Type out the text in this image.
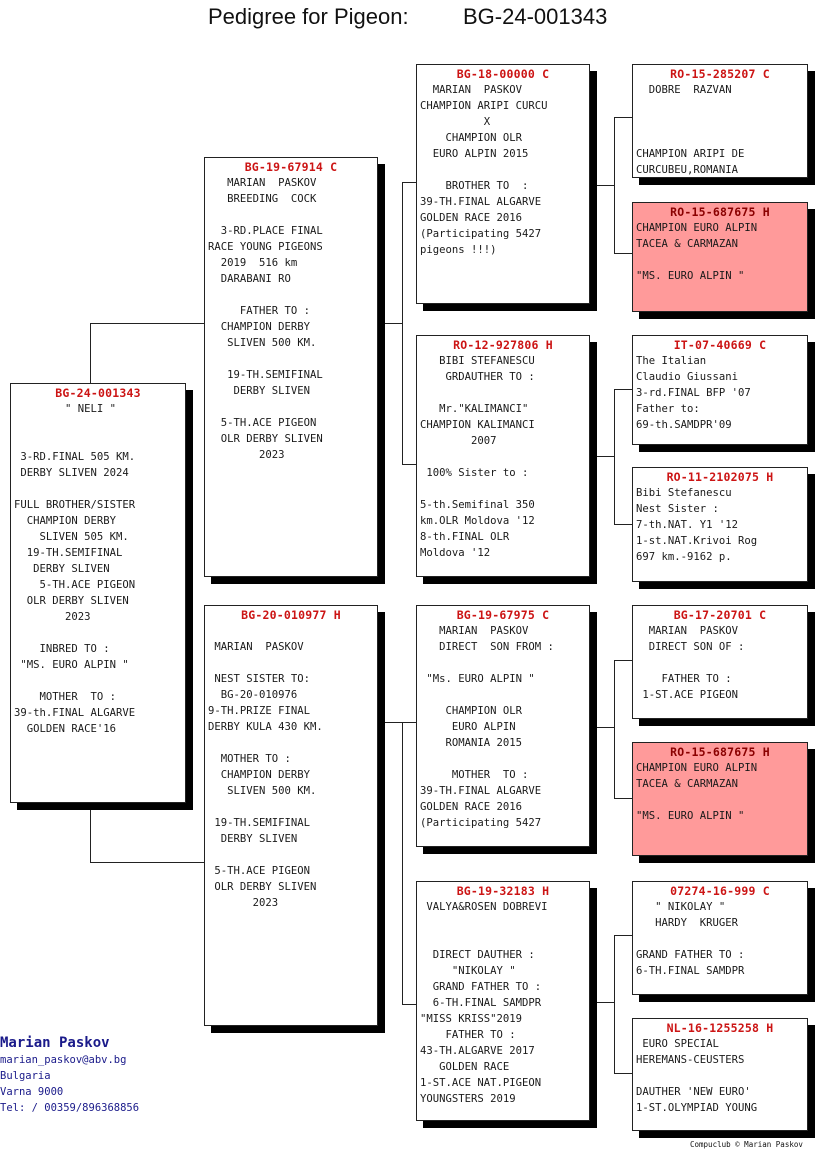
Pedigree for Pigeon: BG-24-001343
BG-24-001343
" NELI "

3-RD.FINAL 505 KM.
DERBY SLIVEN 2024

FULL BROTHER/SISTER
CHAMPION DERBY
SLIVEN 505 KM.
19-TH.SEMIFINAL
DERBY SLIVEN
5-TH.ACE PIGEON
OLR DERBY SLIVEN
2023

INBRED TO :
"MS. EURO ALPIN "

MOTHER  TO :
39-th.FINAL ALGARVE
GOLDEN RACE'16
BG-19-67914 C
MARIAN  PASKOV
BREEDING  COCK

3-RD.PLACE FINAL
RACE YOUNG PIGEONS
2019  516 km
DARABANI RO

FATHER TO :
CHAMPION DERBY
SLIVEN 500 KM.

19-TH.SEMIFINAL
DERBY SLIVEN

5-TH.ACE PIGEON
OLR DERBY SLIVEN
2023
BG-20-010977 H

MARIAN  PASKOV

NEST SISTER TO:
BG-20-010976
9-TH.PRIZE FINAL
DERBY KULA 430 KM.

MOTHER TO :
CHAMPION DERBY
SLIVEN 500 KM.

19-TH.SEMIFINAL
DERBY SLIVEN

5-TH.ACE PIGEON
OLR DERBY SLIVEN
2023
BG-18-00000 C
MARIAN  PASKOV
CHAMPION ARIPI CURCU
X
CHAMPION OLR
EURO ALPIN 2015

BROTHER TO  :
39-TH.FINAL ALGARVE
GOLDEN RACE 2016
(Participating 5427
pigeons !!!)
RO-12-927806 H
BIBI STEFANESCU
GRDAUTHER TO :

Mr."KALIMANCI"
CHAMPION KALIMANCI
2007

100% Sister to :

5-th.Semifinal 350
km.OLR Moldova '12
8-th.FINAL OLR
Moldova '12
BG-19-67975 C
MARIAN  PASKOV
DIRECT  SON FROM :

"Ms. EURO ALPIN "

CHAMPION OLR
EURO ALPIN
ROMANIA 2015

MOTHER  TO :
39-TH.FINAL ALGARVE
GOLDEN RACE 2016
(Participating 5427
BG-19-32183 H
VALYA&ROSEN DOBREVI

DIRECT DAUTHER :
"NIKOLAY "
GRAND FATHER TO :
6-TH.FINAL SAMDPR
"MISS KRISS"2019
FATHER TO :
43-TH.ALGARVE 2017
GOLDEN RACE
1-ST.ACE NAT.PIGEON
YOUNGSTERS 2019
RO-15-285207 C
DOBRE  RAZVAN

CHAMPION ARIPI DE
CURCUBEU,ROMANIA
RO-15-687675 H
CHAMPION EURO ALPIN
TACEA & CARMAZAN

"MS. EURO ALPIN "
IT-07-40669 C
The Italian
Claudio Giussani
3-rd.FINAL BFP '07
Father to:
69-th.SAMDPR'09
RO-11-2102075 H
Bibi Stefanescu
Nest Sister :
7-th.NAT. Y1 '12
1-st.NAT.Krivoi Rog
697 km.-9162 p.
BG-17-20701 C
MARIAN  PASKOV
DIRECT SON OF :

FATHER TO :
1-ST.ACE PIGEON
RO-15-687675 H
CHAMPION EURO ALPIN
TACEA & CARMAZAN

"MS. EURO ALPIN "
07274-16-999 C
" NIKOLAY "
HARDY  KRUGER

GRAND FATHER TO :
6-TH.FINAL SAMDPR
NL-16-1255258 H
EURO SPECIAL
HEREMANS-CEUSTERS

DAUTHER 'NEW EURO'
1-ST.OLYMPIAD YOUNG
Marian Paskov
marian_paskov@abv.bg
Bulgaria
Varna 9000
Tel: / 00359/896368856
Compuclub © Marian Paskov
